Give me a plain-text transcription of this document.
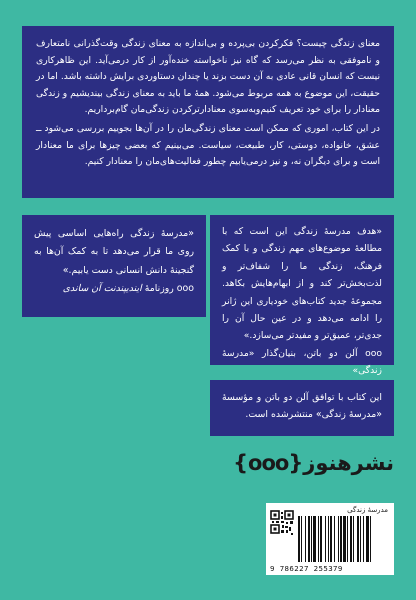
معنای زندگی چیست؟ فکرکردن بی‌پرده و بی‌اندازه به معنای زندگی وقت‌گذرانی نامتعارف و نامو‌فقی به نظر می‌رسد که گاه نیز ناخواسته خنده‌آور از کار درمی‌آید. این ظاهرکاری نیست که انسان قانی عادی به آن دست بزند یا چندان دستاوردی برایش داشته باشد. اما در حقیقت، این موضوع به همه مربوط می‌شود. همهٔ ما باید به معنای زندگی بیندیشیم و زندگی معنادار را برای خود تعریف کنیم‌وبه‌سوی معنادار‌ترکردن زندگی‌مان گام‌برداریم.

در این کتاب، اموری که ممکن است معنای زندگی‌مان را در آن‌ها بجوییم بررسی می‌شود ــ عشق، خانواده، دوستی، کار، طبیعت، سیاست. می‌بینیم که بعضی چیزها برای ما معنادار است و برای دیگران نه، و نیز درمی‌یابیم چطور فعالیت‌های‌مان را معنادار کنیم.

«مدرسهٔ زندگی راه‌هایی اساسی پیش روی ما قرار می‌دهد تا به کمک آن‌ها به گنجینهٔ دانش انسانی دست یابیم.»

ooo روزنامهٔ ایندیپندنت آن ساندی

«هدف مدرسهٔ زندگی این است که با مطالعهٔ موضوع‌های مهم زندگی و با کمک فرهنگ، زندگی ما را شفاف‌تر و لذت‌بخش‌تر کند و از ابهام‌هایش بکاهد. مجموعهٔ جدید کتاب‌های خودیاری این ژانر را ادامه می‌دهد و در عین حال آن را جدی‌تر، عمیق‌تر و مفیدتر می‌سازد.»

ooo آلن دو باتن، بنیان‌گذار «مدرسهٔ زندگی»

این کتاب با توافق آلن دو باتن و مؤسسهٔ «مدرسهٔ زندگی» منتشرشده است.

نشرهنوز{ooo}
مدرسهٔ زندگی
9 786227 255379
